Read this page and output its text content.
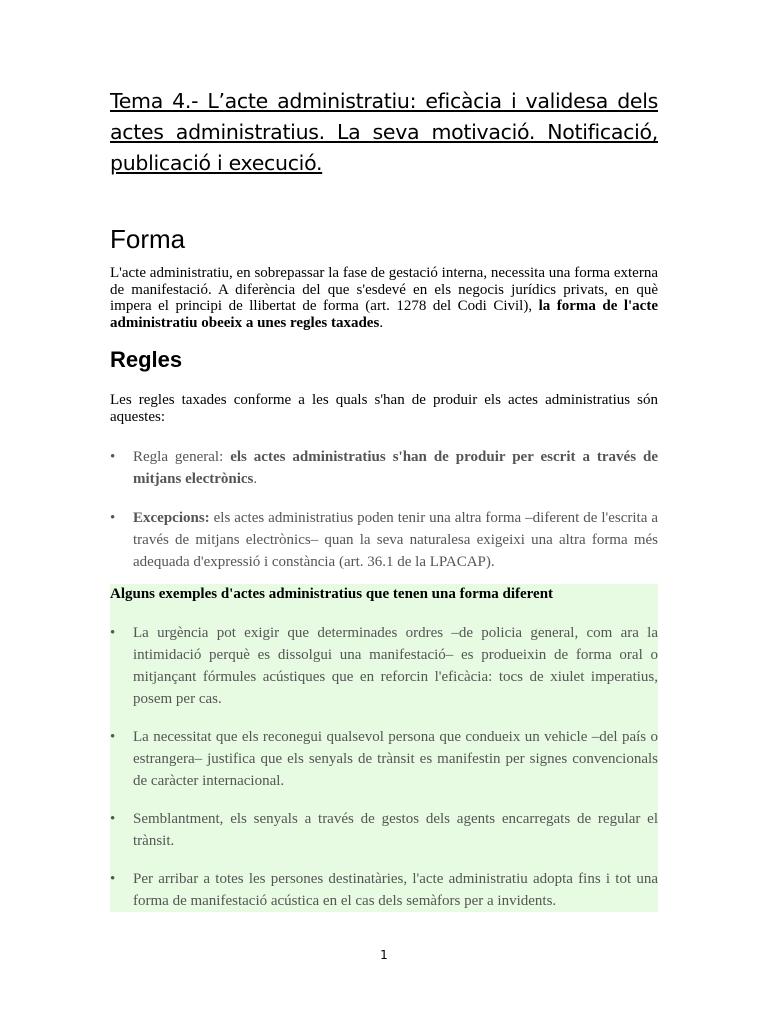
Tema 4.- L’acte administratiu: eficàcia i validesa dels actes administratius. La seva motivació. Notificació, publicació i execució.
Forma

L'acte administratiu, en sobrepassar la fase de gestació interna, necessita una forma externa de manifestació. A diferència del que s'esdevé en els negocis jurídics privats, en què impera el principi de llibertat de forma (art. 1278 del Codi Civil), la forma de l'acte administratiu obeeix a unes regles taxades.

Regles

Les regles taxades conforme a les quals s'han de produir els actes administratius són aquestes:

• Regla general: els actes administratius s'han de produir per escrit a través de mitjans electrònics.
• Excepcions: els actes administratius poden tenir una altra forma –diferent de l'escrita a través de mitjans electrònics– quan la seva naturalesa exigeixi una altra forma més adequada d'expressió i constància (art. 36.1 de la LPACAP).
Alguns exemples d'actes administratius que tenen una forma diferent
• La urgència pot exigir que determinades ordres –de policia general, com ara la intimidació perquè es dissolgui una manifestació– es produeixin de forma oral o mitjançant fórmules acústiques que en reforcin l'eficàcia: tocs de xiulet imperatius, posem per cas.
• La necessitat que els reconegui qualsevol persona que condueix un vehicle –del país o estrangera– justifica que els senyals de trànsit es manifestin per signes convencionals de caràcter internacional.
• Semblantment, els senyals a través de gestos dels agents encarregats de regular el trànsit.
• Per arribar a totes les persones destinatàries, l'acte administratiu adopta fins i tot una forma de manifestació acústica en el cas dels semàfors per a invidents.
1
